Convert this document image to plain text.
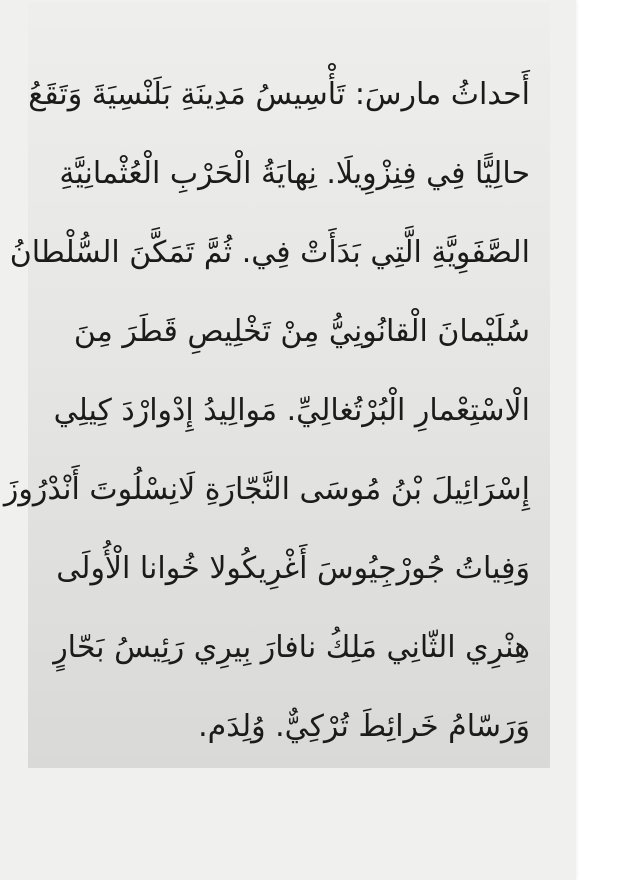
أَحداثُ مارسَ: تَأْسِيسُ مَدِينَةِ بَلَنْسِيَةَ وَتَقَعُ
حالِيًّا فِي فِنِزْوِيلَا. نِهايَةُ الْحَرْبِ الْعُثْمانِيَّةِ
الصَّفَوِيَّةِ الَّتِي بَدَأَتْ فِي. ثُمَّ تَمَكَّنَ السُّلْطانُ
سُلَيْمانَ الْقانُونِيُّ مِنْ تَخْلِيصِ قَطَرَ مِنَ
الْاسْتِعْمارِ الْبُرْتُغالِيِّ. مَوالِيدُ إِدْوارْدَ كِيلِي
إِسْرَائِيلَ بْنُ مُوسَى النَّجّارَةِ لَانِسْلُوتَ أَنْدْرُوزَ
وَفِياتُ جُورْجِيُوسَ أَغْرِيكُولا خُوانا الْأُولَى
هِنْرِي الثّانِي مَلِكُ نافارَ بِيرِي رَئِيسُ بَحّارٍ
وَرَسّامُ خَرائِطَ تُرْكِيٌّ. وُلِدَم.
